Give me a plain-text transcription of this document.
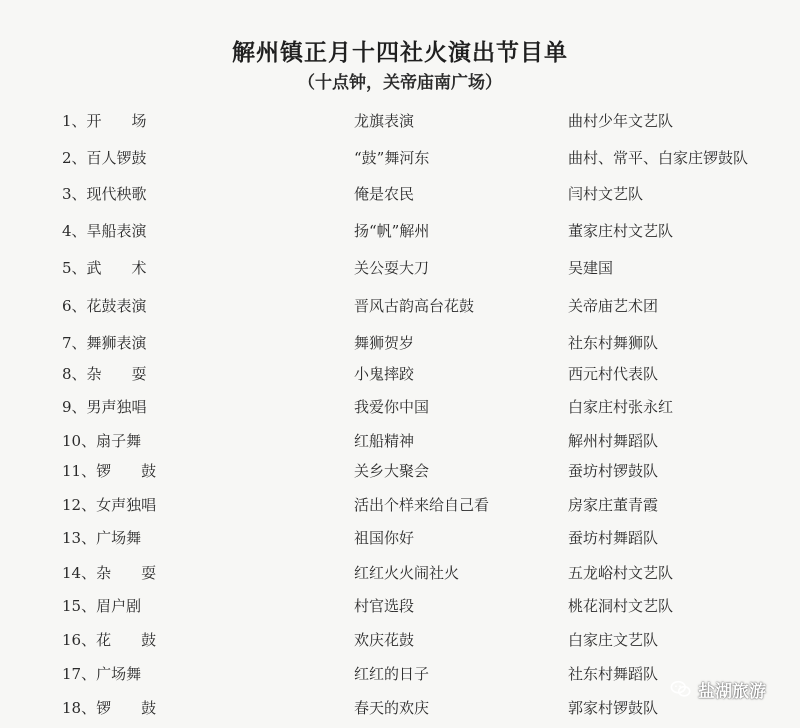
解州镇正月十四社火演出节目单
（十点钟，关帝庙南广场）
1、开　　场	龙旗表演	曲村少年文艺队
2、百人锣鼓	“鼓”舞河东	曲村、常平、白家庄锣鼓队
3、现代秧歌	俺是农民	闫村文艺队
4、旱船表演	扬“帆”解州	董家庄村文艺队
5、武　　术	关公耍大刀	吴建国
6、花鼓表演	晋风古韵高台花鼓	关帝庙艺术团
7、舞狮表演	舞狮贺岁	社东村舞狮队
8、杂　　耍	小鬼摔跤	西元村代表队
9、男声独唱	我爱你中国	白家庄村张永红
10、扇子舞	红船精神	解州村舞蹈队
11、锣　　鼓	关乡大聚会	蚕坊村锣鼓队
12、女声独唱	活出个样来给自己看	房家庄董青霞
13、广场舞	祖国你好	蚕坊村舞蹈队
14、杂　　耍	红红火火闹社火	五龙峪村文艺队
15、眉户剧	村官选段	桃花洞村文艺队
16、花　　鼓	欢庆花鼓	白家庄文艺队
17、广场舞	红红的日子	社东村舞蹈队
18、锣　　鼓	春天的欢庆	郭家村锣鼓队
盐湖旅游
